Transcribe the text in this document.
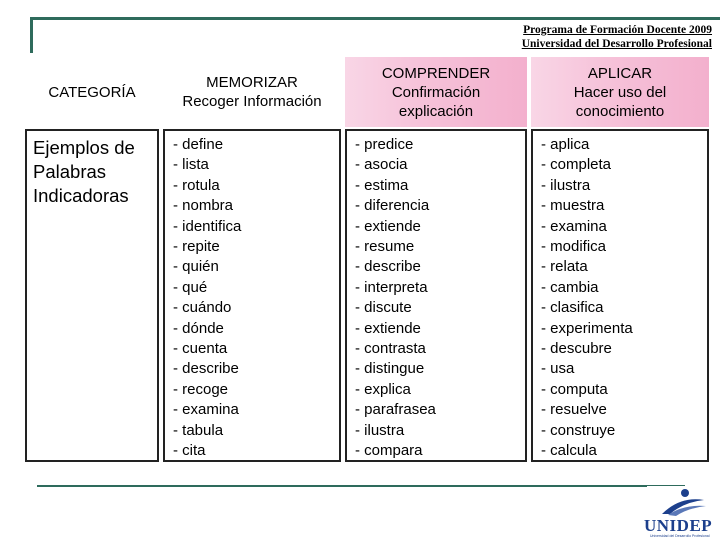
Programa de Formación Docente 2009
Universidad del Desarrollo Profesional
CATEGORÍA
Ejemplos de
Palabras
Indicadoras
MEMORIZAR
Recoger Información
- define
- lista
- rotula
- nombra
- identifica
- repite
- quién
- qué
- cuándo
- dónde
- cuenta
- describe
- recoge
- examina
- tabula
- cita
COMPRENDER
Confirmación
explicación
- predice
- asocia
- estima
- diferencia
- extiende
- resume
- describe
- interpreta
- discute
- extiende
- contrasta
- distingue
- explica
- parafrasea
- ilustra
- compara
APLICAR
Hacer uso del
conocimiento
- aplica
- completa
- ilustra
- muestra
- examina
- modifica
- relata
- cambia
- clasifica
- experimenta
- descubre
- usa
- computa
- resuelve
- construye
- calcula
UNIDEP
Universidad del Desarrollo Profesional
